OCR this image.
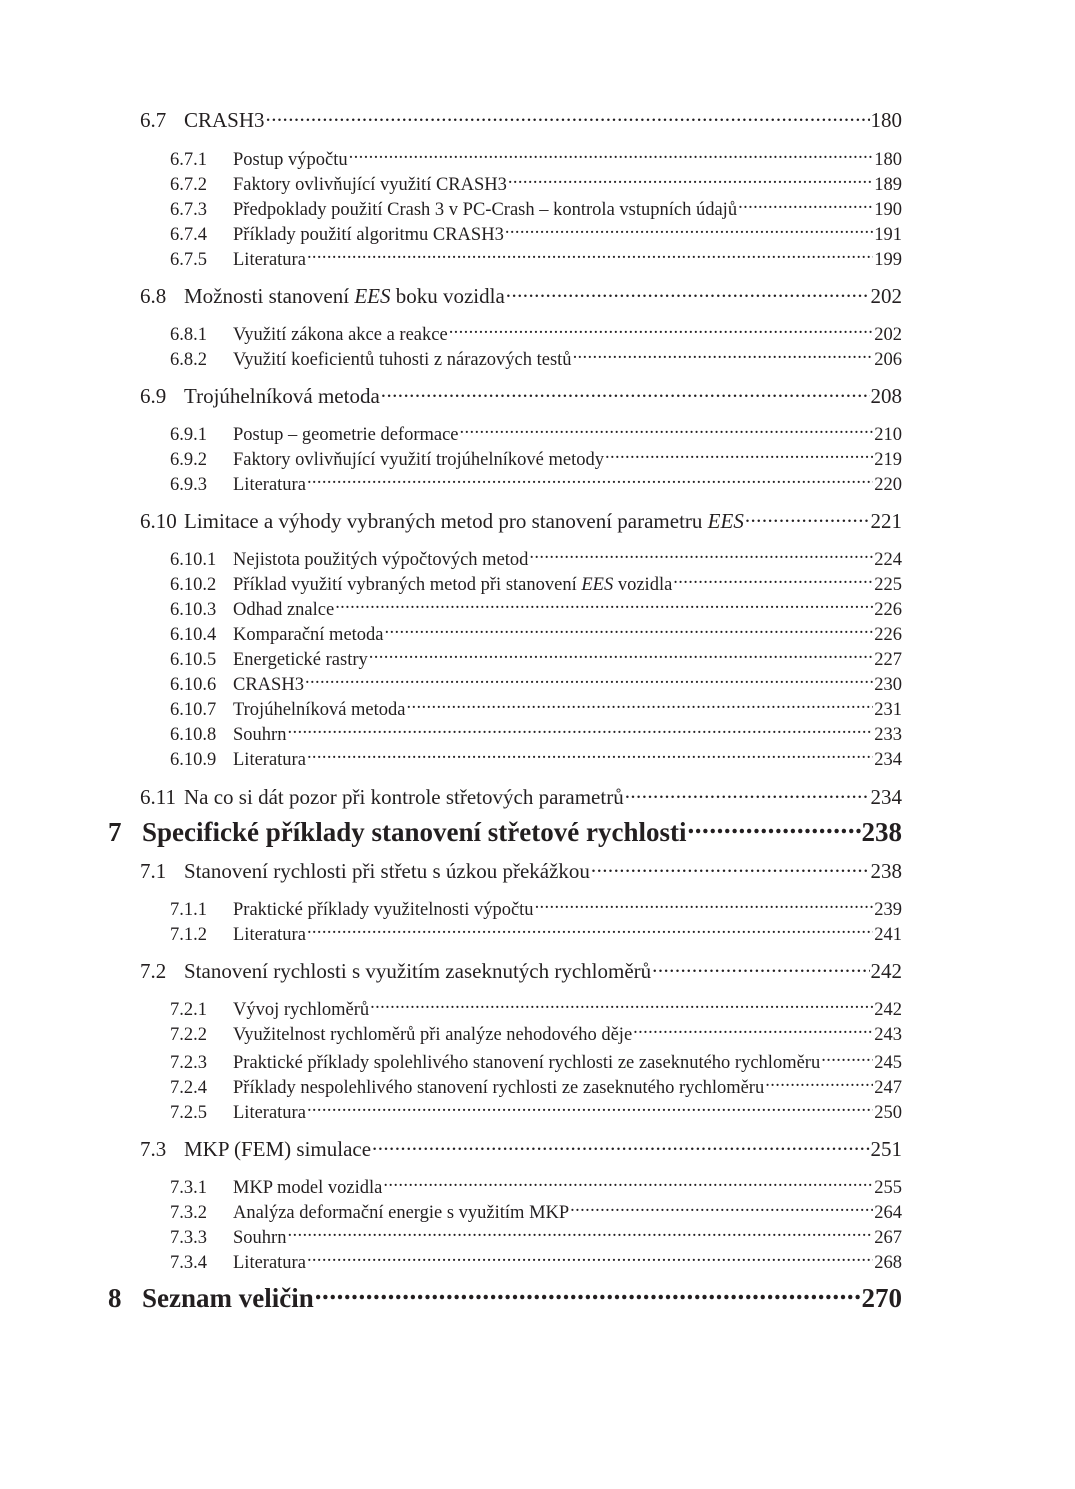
6.7 CRASH3 .....	180
6.7.1	Postup výpočtu .....	180
6.7.2	Faktory ovlivňující využití CRASH3 .....	189
6.7.3	Předpoklady použití Crash 3 v PC-Crash – kontrola vstupních údajů .....	190
6.7.4	Příklady použití algoritmu CRASH3 .....	191
6.7.5	Literatura .....	199
6.8 Možnosti stanovení EES boku vozidla .....	202
6.8.1	Využití zákona akce a reakce .....	202
6.8.2	Využití koeficientů tuhosti z nárazových testů .....	206
6.9 Trojúhelníková metoda .....	208
6.9.1	Postup – geometrie deformace .....	210
6.9.2	Faktory ovlivňující využití trojúhelníkové metody .....	219
6.9.3	Literatura .....	220
6.10 Limitace a výhody vybraných metod pro stanovení parametru EES .....	221
6.10.1 Nejistota použitých výpočtových metod .....	224
6.10.2 Příklad využití vybraných metod při stanovení EES vozidla .....	225
6.10.3 Odhad znalce .....	226
6.10.4 Komparační metoda .....	226
6.10.5 Energetické rastry .....	227
6.10.6 CRASH3 .....	230
6.10.7 Trojúhelníková metoda .....	231
6.10.8 Souhrn .....	233
6.10.9 Literatura .....	234
6.11 Na co si dát pozor při kontrole střetových parametrů .....	234
7 Specifické příklady stanovení střetové rychlosti .....	238
7.1 Stanovení rychlosti při střetu s úzkou překážkou .....	238
7.1.1	Praktické příklady využitelnosti výpočtu .....	239
7.1.2	Literatura .....	241
7.2 Stanovení rychlosti s využitím zaseknutých rychloměrů .....	242
7.2.1	Vývoj rychloměrů .....	242
7.2.2	Využitelnost rychloměrů při analýze nehodového děje .....	243
7.2.3	Praktické příklady spolehlivého stanovení rychlosti ze zaseknutého rychloměru .....	245
7.2.4	Příklady nespolehlivého stanovení rychlosti ze zaseknutého rychloměru .....	247
7.2.5	Literatura .....	250
7.3 MKP (FEM) simulace .....	251
7.3.1	MKP model vozidla .....	255
7.3.2	Analýza deformační energie s využitím MKP .....	264
7.3.3	Souhrn .....	267
7.3.4	Literatura .....	268
8 Seznam veličin .....	270
